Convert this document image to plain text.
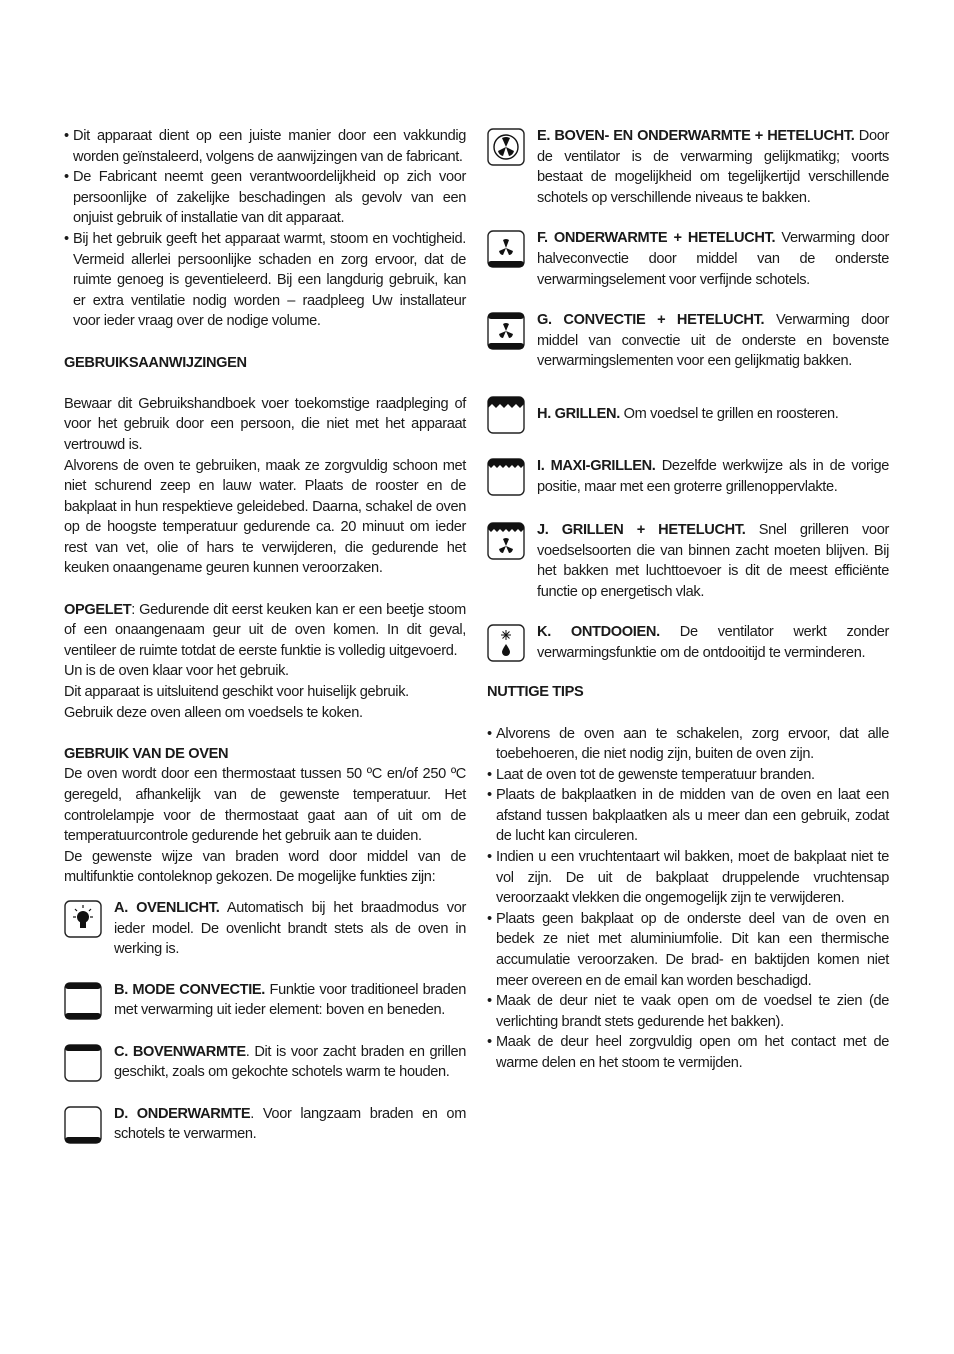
• Dit apparaat dient op een juiste manier door een vakkundig worden geïnstaleerd, volgens de aanwijzingen van de fabricant.

• De Fabricant neemt geen verantwoordelijkheid op zich voor persoonlijke of zakelijke beschadingen als gevolv van een onjuist gebruik of installatie van dit apparaat.

• Bij het gebruik geeft het apparaat warmt, stoom en vochtigheid. Vermeid allerlei persoonlijke schaden en zorg ervoor, dat de ruimte genoeg is geventieleerd. Bij een langdurig gebruik, kan er extra ventilatie nodig worden – raadpleeg Uw installateur voor ieder vraag over de nodige volume.

GEBRUIKSAANWIJZINGEN

Bewaar dit Gebruikshandboek voer toekomstige raadpleging of voor het gebruik door een persoon, die niet met het apparaat vertrouwd is.

Alvorens de oven te gebruiken, maak ze zorgvuldig schoon met niet schurend zeep en lauw water. Plaats de rooster en de bakplaat in hun respektieve geleidebed. Daarna, schakel de oven op de hoogste temperatuur gedurende ca. 20 minuut om ieder rest van vet, olie of hars te verwijderen, die gedurende het keuken onaangename geuren kunnen veroorzaken.

OPGELET: Gedurende dit eerst keuken kan er een beetje stoom of een onaangenaam geur uit de oven komen. In dit geval, ventileer de ruimte totdat de eerste funktie is volledig uitgevoerd.

Un is de oven klaar voor het gebruik.

Dit apparaat is uitsluitend geschikt voor huiselijk gebruik.

Gebruik deze oven alleen om voedsels te koken.

GEBRUIK VAN DE OVEN

De oven wordt door een thermostaat tussen 50 ºC en/of 250 ºC geregeld, afhankelijk van de gewenste temperatuur. Het controlelampje voor de thermostaat gaat aan of uit om de temperatuurcontrole gedurende het gebruik aan te duiden.

De gewenste wijze van braden word door middel van de multifunktie contoleknop gekozen. De mogelijke funkties zijn:

A. OVENLICHT. Automatisch bij het braadmodus vor ieder model. De ovenlicht brandt stets als de oven in werking is.

B. MODE CONVECTIE. Funktie voor traditioneel braden met verwarming uit ieder element: boven en beneden.

C. BOVENWARMTE. Dit is voor zacht braden en grillen geschikt, zoals om gekochte schotels warm te houden.

D. ONDERWARMTE. Voor langzaam braden en om schotels te verwarmen.

E. BOVEN- EN ONDERWARMTE + HETELUCHT. Door de ventilator is de verwarming gelijkmatikg; voorts bestaat de mogelijkheid om tegelijkertijd verschillende schotels op verschillende niveaus te bakken.

F. ONDERWARMTE + HETELUCHT. Verwarming door halveconvectie door middel van de onderste verwarmingselement voor verfijnde schotels.

G. CONVECTIE + HETELUCHT. Verwarming door middel van convectie uit de onderste en bovenste verwarmingslementen voor een gelijkmatig bakken.

H. GRILLEN. Om voedsel te grillen en roosteren.

I. MAXI-GRILLEN. Dezelfde werkwijze als in de vorige positie, maar met een groterre grillenoppervlakte.

J. GRILLEN + HETELUCHT. Snel grilleren voor voedselsoorten die van binnen zacht moeten blijven. Bij het bakken met luchttoevoer is dit de meest efficiënte functie op energetisch vlak.

K. ONTDOOIEN. De ventilator werkt zonder verwarmingsfunktie om de ontdooitijd te verminderen.

NUTTIGE TIPS

• Alvorens de oven aan te schakelen, zorg ervoor, dat alle toebehoeren, die niet nodig zijn, buiten de oven zijn.

• Laat de oven tot de gewenste temperatuur branden.

• Plaats de bakplaatken in de midden van de oven en laat een afstand tussen bakplaatken als u meer dan een gebruik, zodat de lucht kan circuleren.

• Indien u een vruchtentaart wil bakken, moet de bakplaat niet te vol zijn. De uit de bakplaat druppelende vruchtensap veroorzaakt vlekken die ongemogelijk zijn te verwijderen.

• Plaats geen bakplaat op de onderste deel van de oven en bedek ze niet met aluminiumfolie. Dit kan een thermische accumulatie veroorzaken. De brad- en baktijden komen niet meer overeen en de email kan worden beschadigd.

• Maak de deur niet te vaak open om de voedsel te zien (de verlichting brandt stets gedurende het bakken).

• Maak de deur heel zorgvuldig open om het contact met de warme delen en het stoom te vermijden.
